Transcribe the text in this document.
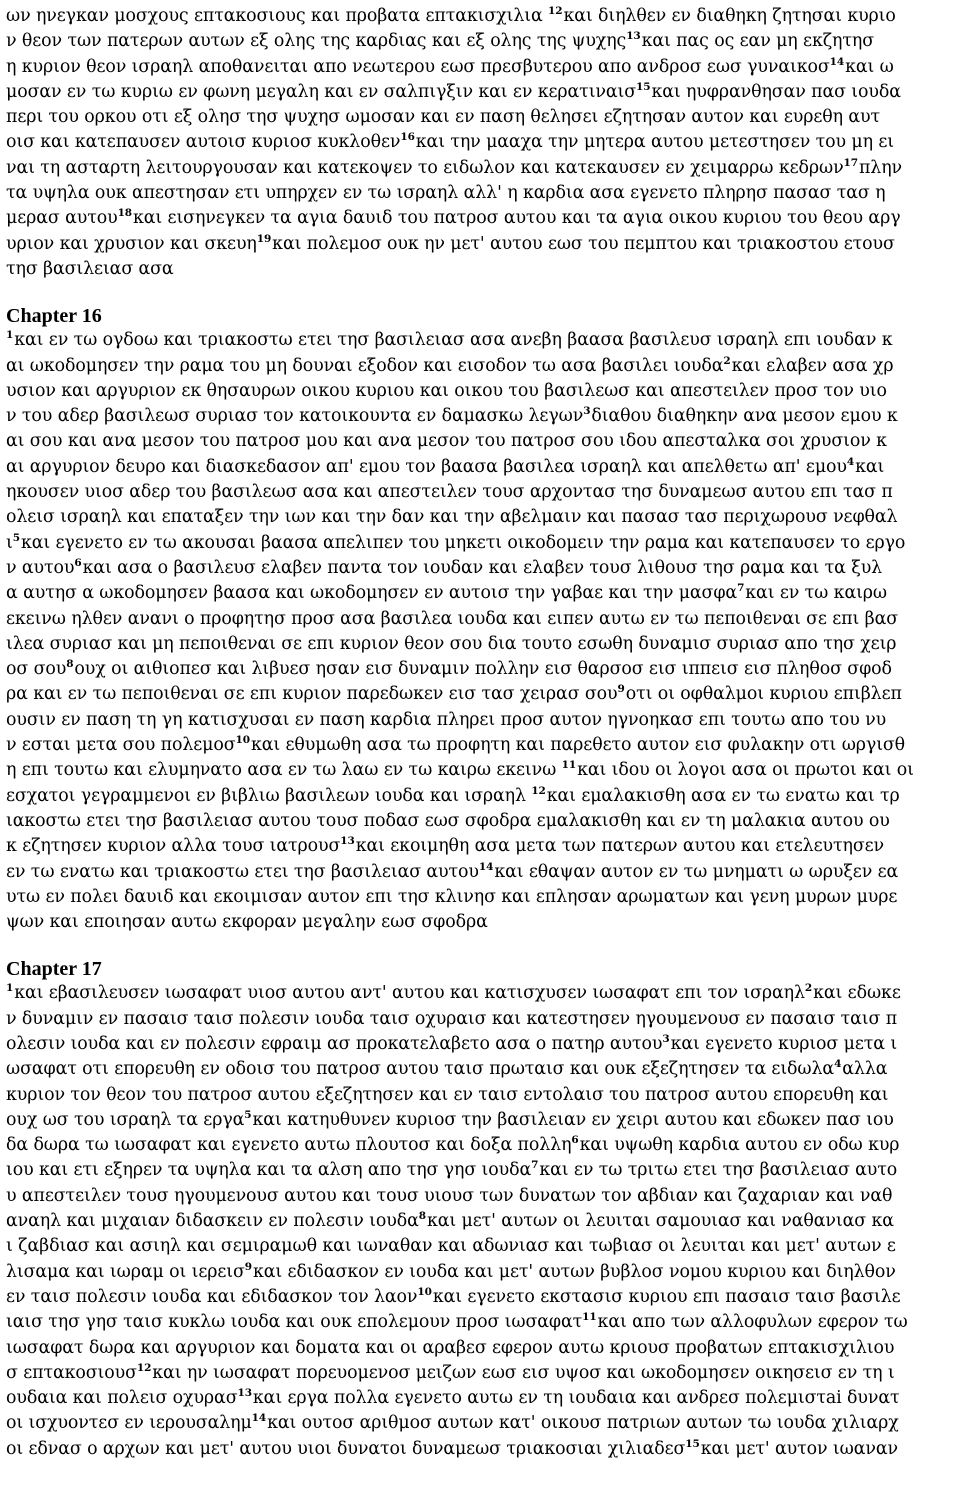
ων ηνεγκαν μοσχους επτακοσιους και προβατα επτακισχιλια $^{12}$και διηλθεν εν διαθηκη ζητησαι κυριο
ν θεον των πατερων αυτων εξ ολης της καρδιας και εξ ολης της ψυχης$^{13}$και πας ος εαν μη εκζητησ
η κυριον θεον ισραηλ αποθανειται απο νεωτερου εωσ πρεσβυτερου απο ανδροσ εωσ γυναικοσ$^{14}$και ω
μοσαν εν τω κυριω εν φωνη μεγαλη και εν σαλπιγξιν και εν κερατιναισ$^{15}$και ηυφρανθησαν πασ ιουδα
περι του ορκου οτι εξ ολησ τησ ψυχησ ωμοσαν και εν παση θελησει εζητησαν αυτον και ευρεθη αυτ
οισ και κατεπαυσεν αυτοισ κυριοσ κυκλοθεν$^{16}$και την μααχα την μητερα αυτου μετεστησεν του μη ει
ναι τη ασταρτη λειτουργουσαν και κατεκοψεν το ειδωλον και κατεκαυσεν εν χειμαρρω κεδρων$^{17}$πλην
τα υψηλα ουκ απεστησαν ετι υπηρχεν εν τω ισραηλ αλλ' η καρδια ασα εγενετο πληρησ πασασ τασ η
μερασ αυτου$^{18}$και εισηνεγκεν τα αγια δαυιδ του πατροσ αυτου και τα αγια οικου κυριου του θεου αργ
υριον και χρυσιον και σκευη$^{19}$και πολεμοσ ουκ ην μετ' αυτου εωσ του πεμπτου και τριακοστου ετουσ
τησ βασιλειασ ασα
Chapter 16
$^1$και εν τω ογδοω και τριακοστω ετει τησ βασιλειασ ασα ανεβη βαασα βασιλευσ ισραηλ επι ιουδαν κ
αι ωκοδομησεν την ραμα του μη δουναι εξοδον και εισοδον τω ασα βασιλει ιουδα$^2$και ελαβεν ασα χρ
υσιον και αργυριον εκ θησαυρων οικου κυριου και οικου του βασιλεωσ και απεστειλεν προσ τον υιο
ν του αδερ βασιλεωσ συριασ τον κατοικουντα εν δαμασκω λεγων$^3$διαθου διαθηκην ανα μεσον εμου κ
αι σου και ανα μεσον του πατροσ μου και ανα μεσον του πατροσ σου ιδου απεσταλκα σοι χρυσιον κ
αι αργυριον δευρο και διασκεδασον απ' εμου τον βαασα βασιλεα ισραηλ και απελθετω απ' εμου$^4$και
ηκουσεν υιοσ αδερ του βασιλεωσ ασα και απεστειλεν τουσ αρχοντασ τησ δυναμεωσ αυτου επι τασ π
ολεισ ισραηλ και επαταξεν την ιων και την δαν και την αβελμαιν και πασασ τασ περιχωρουσ νεφθαλ
$\iota^5\kappa\alpha\iota$ εγενετο εν τω ακουσαι βαασα απελιπεν του μηκετι οικοδομειν την ραμα και κατεπαυσεν το εργο
ν αυτου$^6$και ασα ο βασιλευσ ελαβεν παντα τον ιουδαν και ελαβεν τουσ λιθουσ τησ ραμα και τα ξυλ
α αυτησ α ωκοδομησεν βαασα και ωκοδομησεν εν αυτοισ την γαβαε και την μασφα$^7$και εν τω καιρω
εκεινω ηλθεν ανανι ο προφητησ προσ ασα βασιλεα ιουδα και ειπεν αυτω εν τω πεποιθεναι σε επι βασ
ιλεα συριασ και μη πεποιθεναι σε επι κυριον θεον σου δια τουτο εσωθη δυναμισ συριασ απο τησ χειρ
οσ σου$^8$ουχ οι αιθιοπεσ και λιβυεσ ησαν εισ δυναμιν πολλην εισ θαρσοσ εισ ιππεισ εισ πληθοσ σφοδ
ρα και εν τω πεποιθεναι σε επι κυριον παρεδωκεν εισ τασ χειρασ σου$^9$οτι οι οφθαλμοι κυριου επιβλεπ
ουσιν εν παση τη γη κατισχυσαι εν παση καρδια πληρει προσ αυτον ηγνοηκασ επι τουτω απο του νυ
ν εσται μετα σου πολεμοσ$^{10}$και εθυμωθη ασα τω προφητη και παρεθετο αυτον εισ φυλακην οτι ωργισθ
η επι τουτω και ελυμηνατο ασα εν τω λαω εν τω καιρω εκεινω $^{11}$και ιδου οι λογοι ασα οι πρωτοι και οι
εσχατοι γεγραμμενοι εν βιβλιω βασιλεων ιουδα και ισραηλ $^{12}$και εμαλακισθη ασα εν τω ενατω και τρ
ιακοστω ετει τησ βασιλειασ αυτου τουσ ποδασ εωσ σφοδρα εμαλακισθη και εν τη μαλακια αυτου ου
κ εζητησεν κυριον αλλα τουσ ιατρουσ$^{13}$και εκοιμηθη ασα μετα των πατερων αυτου και ετελευτησεν
εν τω ενατω και τριακοστω ετει τησ βασιλειασ αυτου$^{14}$και εθαψαν αυτον εν τω μνηματι ω ωρυξεν εα
υτω εν πολει δαυιδ και εκοιμισαν αυτον επι τησ κλινησ και επλησαν αρωματων και γενη μυρων μυρε
ψων και εποιησαν αυτω εκφοραν μεγαλην εωσ σφοδρα
Chapter 17
$^1$και εβασιλευσεν ιωσαφατ υιοσ αυτου αντ' αυτου και κατισχυσεν ιωσαφατ επι τον ισραηλ$^2$και εδωκε
ν δυναμιν εν πασαισ ταισ πολεσιν ιουδα ταισ οχυραισ και κατεστησεν ηγουμενουσ εν πασαισ ταισ π
ολεσιν ιουδα και εν πολεσιν εφραιμ ασ προκατελαβετο ασα ο πατηρ αυτου$^3$και εγενετο κυριοσ μετα ι
ωσαφατ οτι επορευθη εν οδοισ του πατροσ αυτου ταισ πρωταισ και ουκ εξεζητησεν τα ειδωλα$^4$αλλα
κυριον τον θεον του πατροσ αυτου εξεζητησεν και εν ταισ εντολαισ του πατροσ αυτου επορευθη και
ουχ ωσ του ισραηλ τα εργα$^5$και κατηυθυνεν κυριοσ την βασιλειαν εν χειρι αυτου και εδωκεν πασ ιου
δα δωρα τω ιωσαφατ και εγενετο αυτω πλουτοσ και δοξα πολλη$^6$και υψωθη καρδια αυτου εν οδω κυρ
ιου και ετι εξηρεν τα υψηλα και τα αλση απο τησ γησ ιουδα$^7$και εν τω τριτω ετει τησ βασιλειασ αυτο
υ απεστειλεν τουσ ηγουμενουσ αυτου και τουσ υιουσ των δυνατων τον αβδιαν και ζαχαριαν και ναθ
αναηλ και μιχαιαν διδασκειν εν πολεσιν ιουδα$^8$και μετ' αυτων οι λευιται σαμουιασ και ναθανιασ κα
ι ζαβδιασ και ασιηλ και σεμιραμωθ και ιωναθαν και αδωνιασ και τωβιασ οι λευιται και μετ' αυτων ε
λισαμα και ιωραμ οι ιερεισ$^9$και εδιδασκον εν ιουδα και μετ' αυτων βυβλοσ νομου κυριου και διηλθον
εν ταισ πολεσιν ιουδα και εδιδασκον τον λαον$^{10}$και εγενετο εκστασισ κυριου επι πασαισ ταισ βασιλε
ιαισ τησ γησ ταισ κυκλω ιουδα και ουκ επολεμουν προσ ιωσαφατ$^{11}$και απο των αλλοφυλων εφερον τω
ιωσαφατ δωρα και αργυριον και δοματα και οι αραβεσ εφερον αυτω κριουσ προβατων επτακισχιλιου
σ επτακοσιουσ$^{12}$και ην ιωσαφατ πορευομενοσ μειζων εωσ εισ υψοσ και ωκοδομησεν οικησεισ εν τη ι
ουδαια και πολεισ οχυρασ$^{13}$και εργα πολλα εγενετο αυτω εν τη ιουδαια και ανδρεσ πολεμιστai δυνατ
οι ισχυοντεσ εν ιερουσαλημ$^{14}$και ουτοσ αριθμοσ αυτων κατ' οικουσ πατριων αυτων τω ιουδα χιλιαρχ
οι εδνασ ο αρχων και μετ' αυτου υιοι δυνατοι δυναμεωσ τριακοσιαι χιλιαδεσ$^{15}$και μετ' αυτον ιωαναν
